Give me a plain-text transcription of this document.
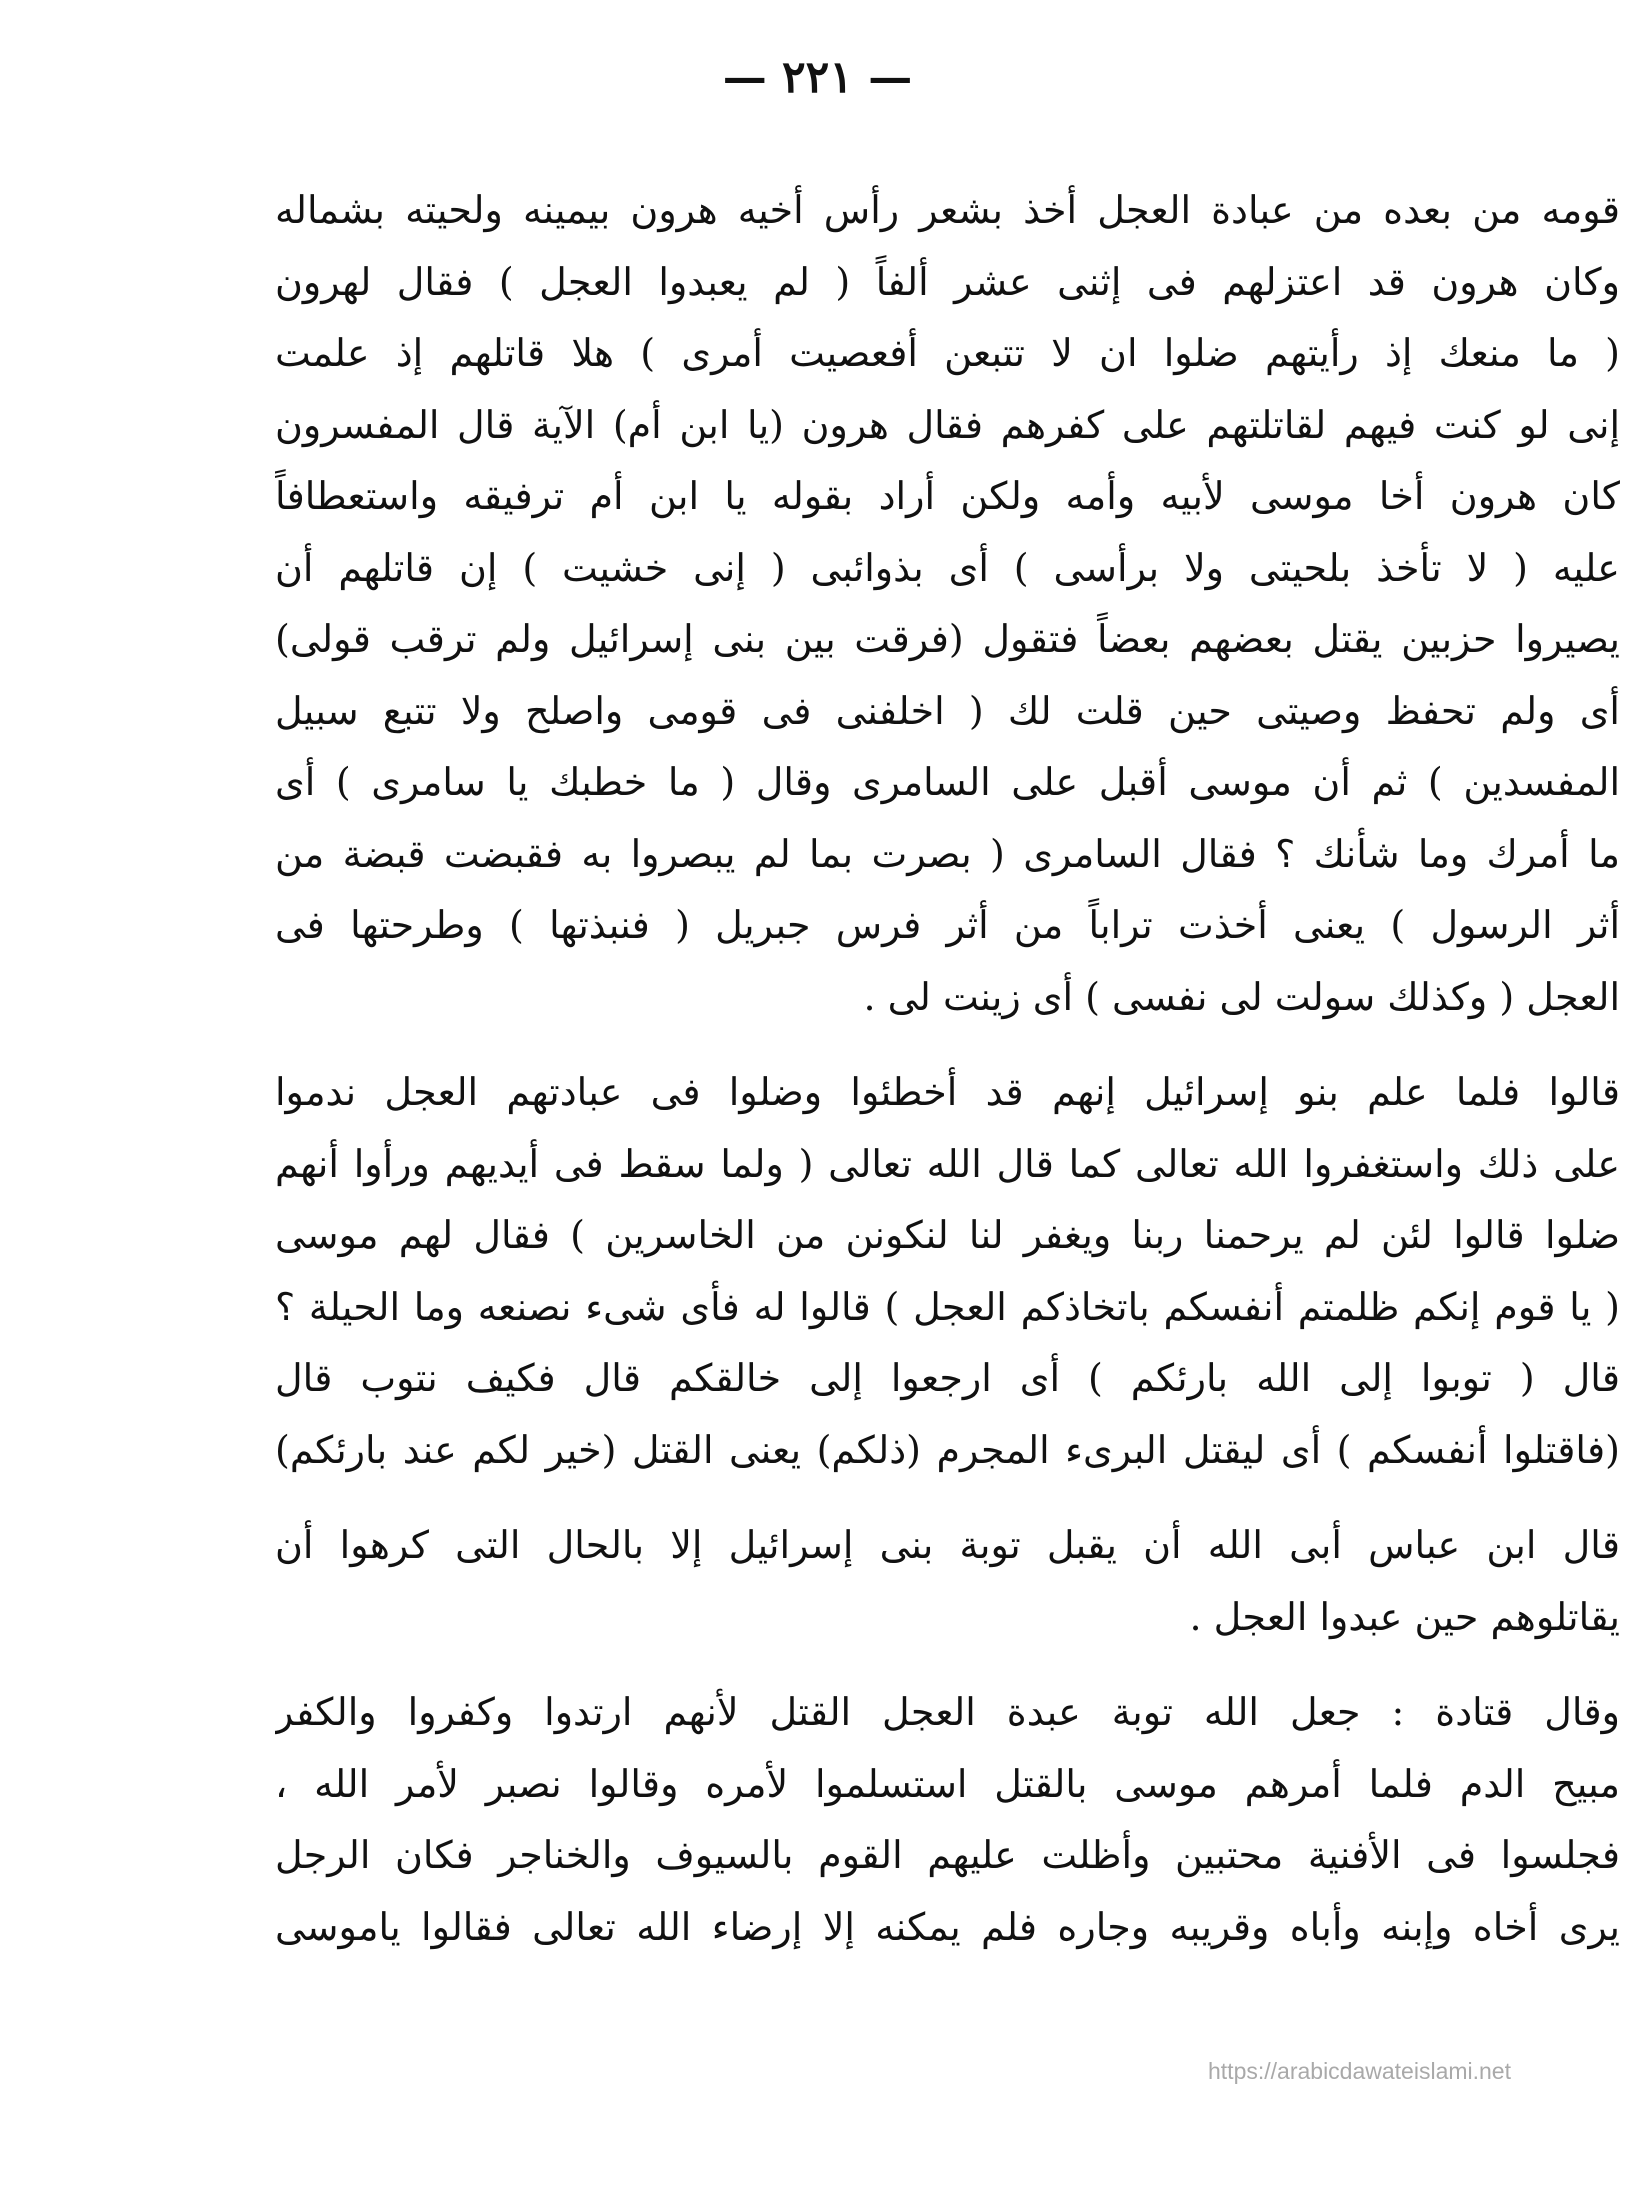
— ٢٢١ —
قومه من بعده من عبادة العجل أخذ بشعر رأس أخيه هرون بيمينه ولحيته بشماله
وكان هرون قد اعتزلهم فى إثنى عشر ألفاً ( لم يعبدوا العجل ) فقال لهرون
( ما منعك إذ رأيتهم ضلوا ان لا تتبعن أفعصيت أمرى ) هلا قاتلهم إذ علمت
إنى لو كنت فيهم لقاتلتهم على كفرهم فقال هرون (يا ابن أم) الآية قال المفسرون
كان هرون أخا موسى لأبيه وأمه ولكن أراد بقوله يا ابن أم ترفيقه واستعطافاً
عليه ( لا تأخذ بلحيتى ولا برأسى ) أى بذوائبى ( إنى خشيت ) إن قاتلهم أن
يصيروا حزبين يقتل بعضهم بعضاً فتقول (فرقت بين بنى إسرائيل ولم ترقب قولى)
أى ولم تحفظ وصيتى حين قلت لك ( اخلفنى فى قومى واصلح ولا تتبع سبيل
المفسدين ) ثم أن موسى أقبل على السامرى وقال ( ما خطبك يا سامرى ) أى
ما أمرك وما شأنك ؟ فقال السامرى ( بصرت بما لم يبصروا به فقبضت قبضة من
أثر الرسول ) يعنى أخذت تراباً من أثر فرس جبريل ( فنبذتها ) وطرحتها فى
العجل ( وكذلك سولت لى نفسى ) أى زينت لى .
قالوا فلما علم بنو إسرائيل إنهم قد أخطئوا وضلوا فى عبادتهم العجل ندموا
على ذلك واستغفروا الله تعالى كما قال الله تعالى ( ولما سقط فى أيديهم ورأوا أنهم
ضلوا قالوا لئن لم يرحمنا ربنا ويغفر لنا لنكونن من الخاسرين ) فقال لهم موسى
( يا قوم إنكم ظلمتم أنفسكم باتخاذكم العجل ) قالوا له فأى شىء نصنعه وما الحيلة ؟
قال ( توبوا إلى الله بارئكم ) أى ارجعوا إلى خالقكم قال فكيف نتوب قال
(فاقتلوا أنفسكم ) أى ليقتل البرىء المجرم (ذلكم) يعنى القتل (خير لكم عند بارئكم)
قال ابن عباس أبى الله أن يقبل توبة بنى إسرائيل إلا بالحال التى كرهوا أن
يقاتلوهم حين عبدوا العجل .
وقال قتادة : جعل الله توبة عبدة العجل القتل لأنهم ارتدوا وكفروا والكفر
مبيح الدم فلما أمرهم موسى بالقتل استسلموا لأمره وقالوا نصبر لأمر الله ،
فجلسوا فى الأفنية محتبين وأظلت عليهم القوم بالسيوف والخناجر فكان الرجل
يرى أخاه وإبنه وأباه وقريبه وجاره فلم يمكنه إلا إرضاء الله تعالى فقالوا ياموسى
https://arabicdawateislami.net
